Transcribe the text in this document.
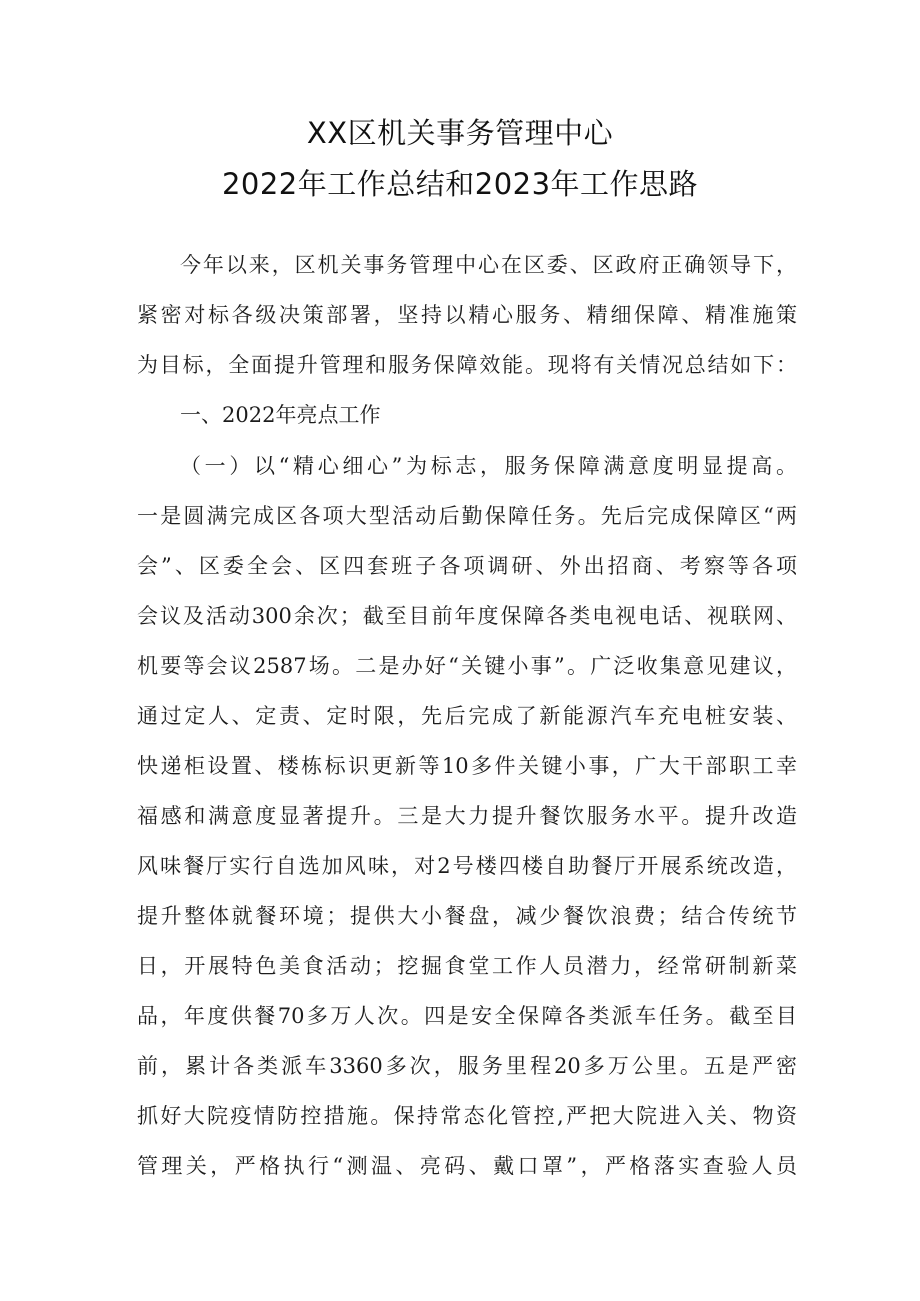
XX区机关事务管理中心
2022年工作总结和2023年工作思路
今年以来，区机关事务管理中心在区委、区政府正确领导下，
紧密对标各级决策部署，坚持以精心服务、精细保障、精准施策
为目标，全面提升管理和服务保障效能。现将有关情况总结如下：
一、2022年亮点工作
（一）以“精心细心”为标志，服务保障满意度明显提高。
一是圆满完成区各项大型活动后勤保障任务。先后完成保障区“两
会”、区委全会、区四套班子各项调研、外出招商、考察等各项
会议及活动300余次；截至目前年度保障各类电视电话、视联网、
机要等会议2587场。二是办好“关键小事”。广泛收集意见建议，
通过定人、定责、定时限，先后完成了新能源汽车充电桩安装、
快递柜设置、楼栋标识更新等10多件关键小事，广大干部职工幸
福感和满意度显著提升。三是大力提升餐饮服务水平。提升改造
风味餐厅实行自选加风味，对2号楼四楼自助餐厅开展系统改造，
提升整体就餐环境；提供大小餐盘，减少餐饮浪费；结合传统节
日，开展特色美食活动；挖掘食堂工作人员潜力，经常研制新菜
品，年度供餐70多万人次。四是安全保障各类派车任务。截至目
前，累计各类派车3360多次，服务里程20多万公里。五是严密
抓好大院疫情防控措施。保持常态化管控,严把大院进入关、物资
管理关，严格执行“测温、亮码、戴口罩”，严格落实查验人员
